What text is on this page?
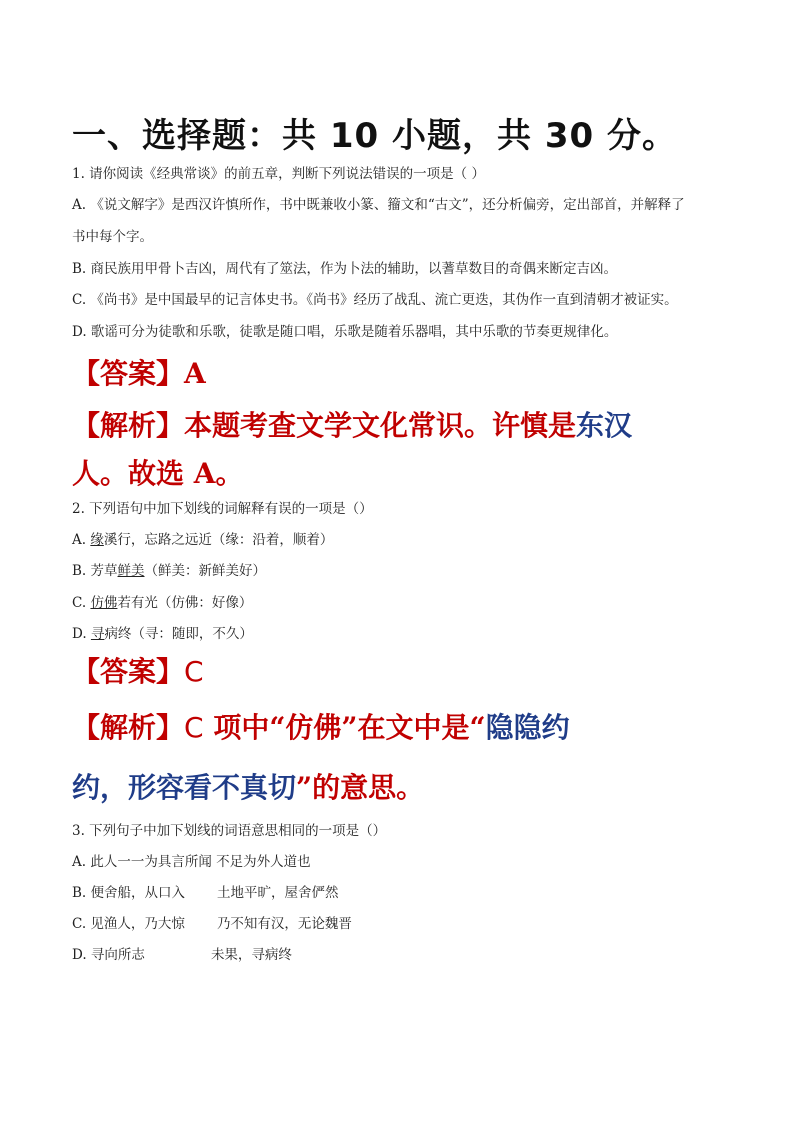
一、选择题：共 10 小题，共 30 分。
1. 请你阅读《经典常谈》的前五章，判断下列说法错误的一项是（ ）
A. 《说文解字》是西汉许慎所作，书中既兼收小篆、籀文和“古文”，还分析偏旁，定出部首，并解释了
书中每个字。
B. 商民族用甲骨卜吉凶，周代有了筮法，作为卜法的辅助，以蓍草数目的奇偶来断定吉凶。
C. 《尚书》是中国最早的记言体史书。《尚书》经历了战乱、流亡更迭，其伪作一直到清朝才被证实。
D. 歌谣可分为徒歌和乐歌，徒歌是随口唱，乐歌是随着乐器唱，其中乐歌的节奏更规律化。
【答案】A
【解析】本题考查文学文化常识。许慎是东汉
人。故选 A。
2. 下列语句中加下划线的词解释有误的一项是（）
A. 缘溪行，忘路之远近（缘：沿着，顺着）
B. 芳草鲜美（鲜美：新鲜美好）
C. 仿佛若有光（仿佛：好像）
D. 寻病终（寻：随即，不久）
【答案】C
【解析】C 项中“仿佛”在文中是“隐隐约
约，形容看不真切”的意思。
3. 下列句子中加下划线的词语意思相同的一项是（）
A. 此人一一为具言所闻 不足为外人道也
B. 便舍船，从口入 土地平旷，屋舍俨然
C. 见渔人，乃大惊 乃不知有汉，无论魏晋
D. 寻向所志	未果，寻病终
